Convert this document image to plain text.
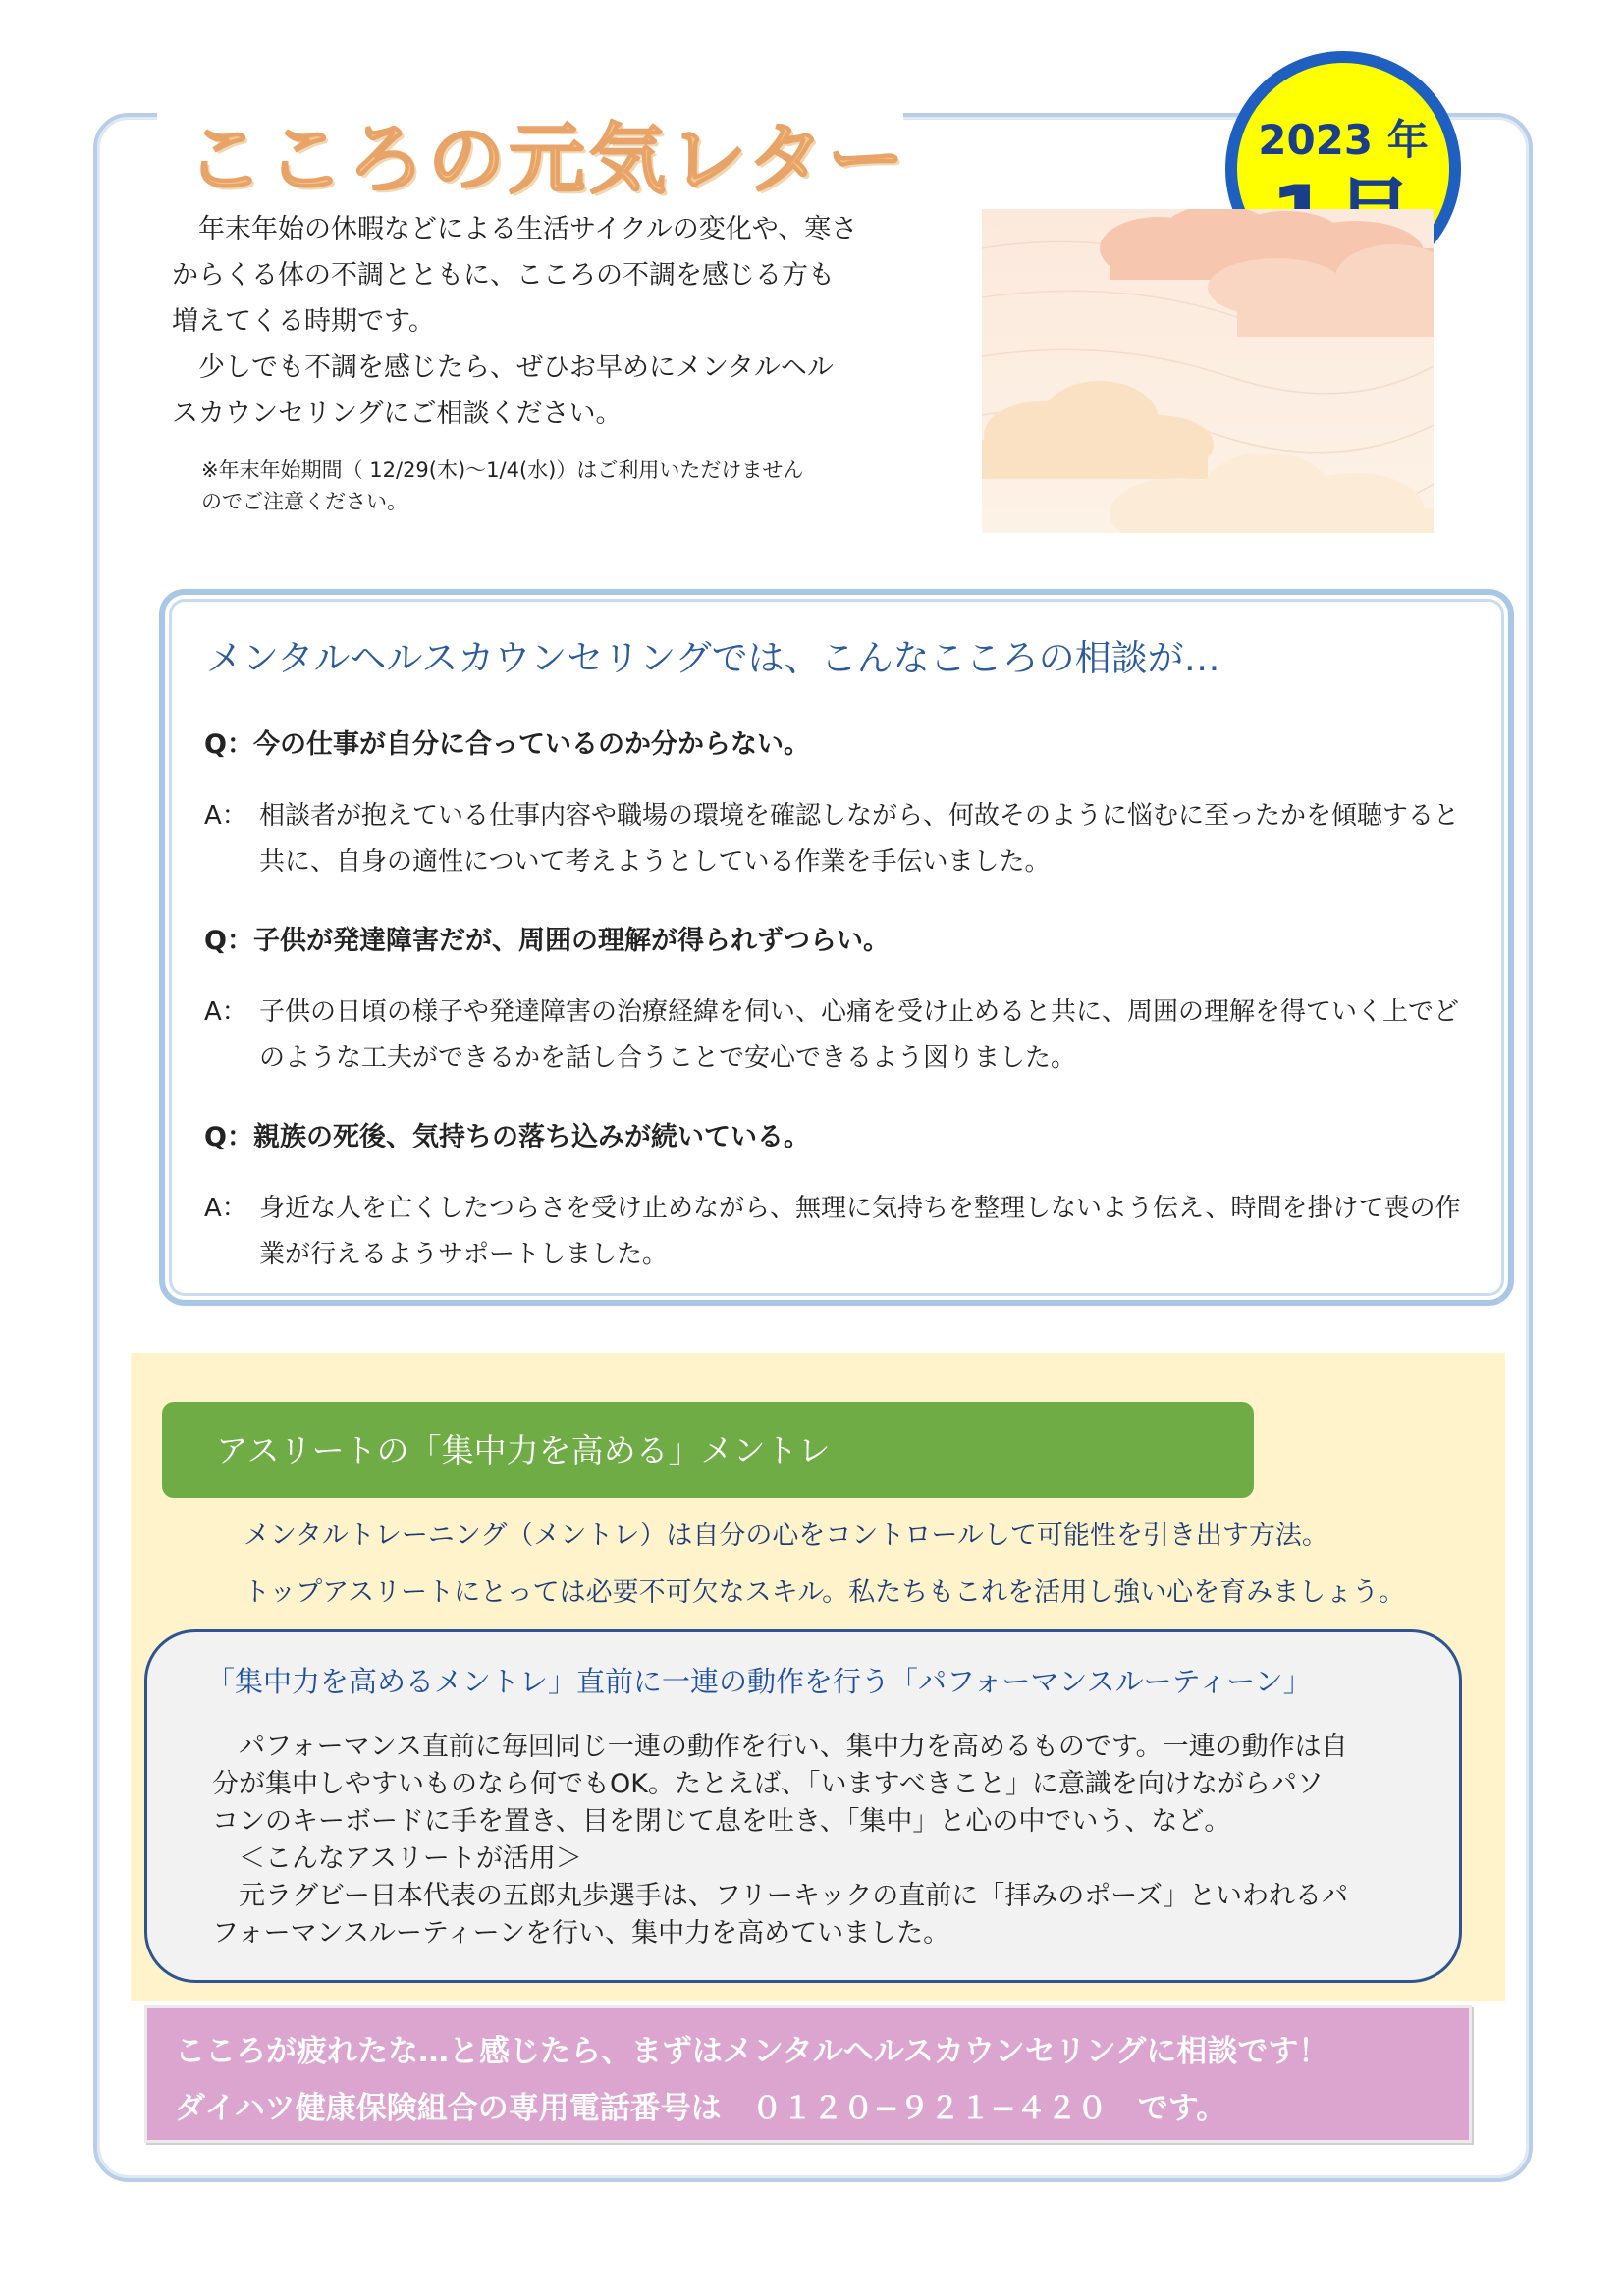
こころの元気レター	2023 年

年末年始の休暇などによる生活サイクルの変化や、寒さからくる体の不調とともに、こころの不調を感じる方も増えてくる時期です。

少しでも不調を感じたら、ぜひお早めにメンタルヘルスカウンセリングにご相談ください。

※年末年始期間（ 12/29(木)〜1/4(水)）はご利用いただけません
のでご注意ください。
メンタルヘルスカウンセリングでは、こんなこころの相談が…
Q：今の仕事が自分に合っているのか分からない。
A： 相談者が抱えている仕事内容や職場の環境を確認しながら、何故そのように悩むに至ったかを傾聴すると共に、自身の適性について考えようとしている作業を手伝いました。
Q：子供が発達障害だが、周囲の理解が得られずつらい。
A： 子供の日頃の様子や発達障害の治療経緯を伺い、心痛を受け止めると共に、周囲の理解を得ていく上でどのような工夫ができるかを話し合うことで安心できるよう図りました。
Q：親族の死後、気持ちの落ち込みが続いている。
A： 身近な人を亡くしたつらさを受け止めながら、無理に気持ちを整理しないよう伝え、時間を掛けて喪の作業が行えるようサポートしました。
アスリートの「集中力を高める」メントレ
メンタルトレーニング（メントレ）は自分の心をコントロールして可能性を引き出す方法。
トップアスリートにとっては必要不可欠なスキル。私たちもこれを活用し強い心を育みましょう。
「集中力を高めるメントレ」直前に一連の動作を行う「パフォーマンスルーティーン」
　パフォーマンス直前に毎回同じ一連の動作を行い、集中力を高めるものです。一連の動作は自
分が集中しやすいものなら何でもOK。たとえば、「いますべきこと」に意識を向けながらパソ
コンのキーボードに手を置き、目を閉じて息を吐き、「集中」と心の中でいう、など。
　＜こんなアスリートが活用＞
　元ラグビー日本代表の五郎丸歩選手は、フリーキックの直前に「拝みのポーズ」といわれるパ
フォーマンスルーティーンを行い、集中力を高めていました。
こころが疲れたな…と感じたら、まずはメンタルヘルスカウンセリングに相談です！
ダイハツ健康保険組合の専用電話番号は　０１２０−９２１−４２０　です。
